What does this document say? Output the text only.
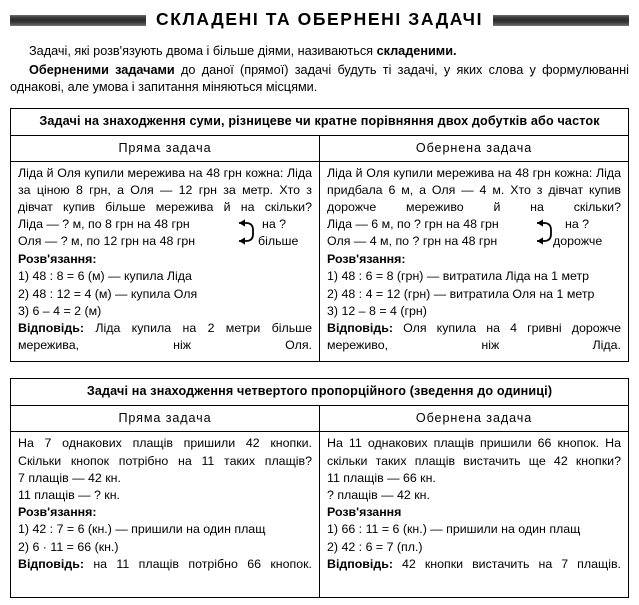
СКЛАДЕНІ ТА ОБЕРНЕНІ ЗАДАЧІ

Задачі, які розв'язують двома і більше діями, називаються складеними.

Оберненими задачами до даної (прямої) задачі будуть ті задачі, у яких слова у формулюванні однакові, але умова і запитання міняються місцями.

Задачі на знаходження суми, різницеве чи кратне порівняння двох добутків або часток	
Пряма задача	Обернена задача

Ліда й Оля купили мережива на 48 грн кожна: Ліда за ціною 8 грн, а Оля — 12 грн за метр. Хто з дівчат купив більше мережива й на скільки?
Ліда — ? м, по 8 грн на 48 грн
Оля — ? м, по 12 грн на 48 грн
на ?
більше
Розв'язання:
1) 48 : 8 = 6 (м) — купила Ліда
2) 48 : 12 = 4 (м) — купила Оля
3) 6 – 4 = 2 (м)
Відповідь: Ліда купила на 2 метри більше мережива, ніж Оля.

Ліда й Оля купили мережива на 48 грн кожна: Ліда придбала 6 м, а Оля — 4 м. Хто з дівчат купив дорожче мереживо й на скільки?
Ліда — 6 м, по ? грн на 48 грн
Оля — 4 м, по ? грн на 48 грн
на ?
дорожче
Розв'язання:
1) 48 : 6 = 8 (грн) — витратила Ліда на 1 метр
2) 48 : 4 = 12 (грн) — витратила Оля на 1 метр
3) 12 – 8 = 4 (грн)
Відповідь: Оля купила на 4 гривні дорожче мереживо, ніж Ліда.
Задачі на знаходження четвертого пропорційного (зведення до одиниці)	
Пряма задача	Обернена задача

На 7 однакових плащів пришили 42 кнопки. Скільки кнопок потрібно на 11 таких плащів?
7 плащів — 42 кн.
11 плащів — ? кн.
Розв'язання:
1) 42 : 7 = 6 (кн.) — пришили на один плащ
2) 6 · 11 = 66 (кн.)
Відповідь: на 11 плащів потрібно 66 кнопок.

На 11 однакових плащів пришили 66 кнопок. На скільки таких плащів вистачить ще 42 кнопки?
11 плащів — 66 кн.
? плащів — 42 кн.
Розв'язання
1) 66 : 11 = 6 (кн.) — пришили на один плащ
2) 42 : 6 = 7 (пл.)
Відповідь: 42 кнопки вистачить на 7 плащів.
